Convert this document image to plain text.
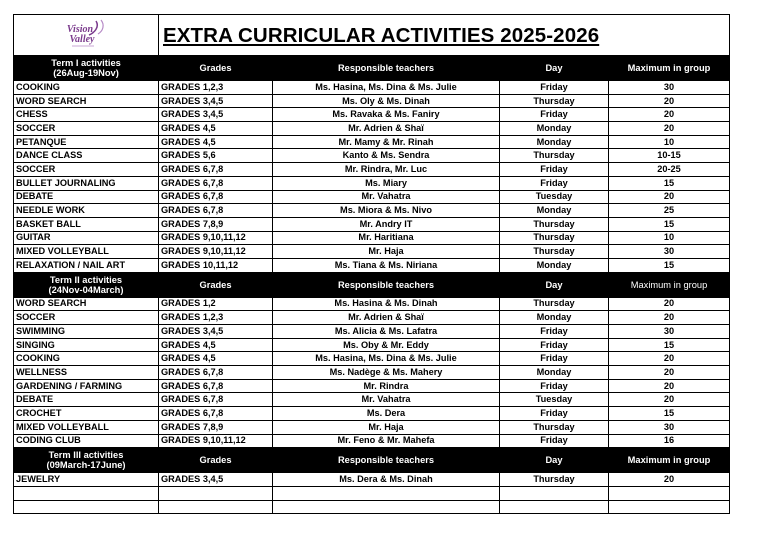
Vision
Valley	EXTRA CURRICULAR ACTIVITIES 2025-2026			

Term I activities
(26Aug-19Nov)	Grades	Responsible teachers	Day	Maximum in group
COOKING	GRADES 1,2,3	Ms. Hasina, Ms. Dina & Ms. Julie	Friday	30
WORD SEARCH	GRADES 3,4,5	Ms. Oly & Ms. Dinah	Thursday	20
CHESS	GRADES 3,4,5	Ms. Ravaka & Ms. Faniry	Friday	20
SOCCER	GRADES 4,5	Mr. Adrien & Shaï	Monday	20
PETANQUE	GRADES 4,5	Mr. Mamy & Mr. Rinah	Monday	10
DANCE CLASS	GRADES 5,6	Kanto & Ms. Sendra	Thursday	10-15
SOCCER	GRADES 6,7,8	Mr. Rindra, Mr. Luc	Friday	20-25
BULLET JOURNALING	GRADES 6,7,8	Ms. Miary	Friday	15
DEBATE	GRADES 6,7,8	Mr. Vahatra	Tuesday	20
NEEDLE WORK	GRADES 6,7,8	Ms. Miora & Ms. Nivo	Monday	25
BASKET BALL	GRADES 7,8,9	Mr. Andry IT	Thursday	15
GUITAR	GRADES 9,10,11,12	Mr. Haritiana	Thursday	10
MIXED VOLLEYBALL	GRADES 9,10,11,12	Mr. Haja	Thursday	30
RELAXATION / NAIL ART	GRADES 10,11,12	Ms. Tiana & Ms. Niriana	Monday	15

Term II activities
(24Nov-04March)	Grades	Responsible teachers	Day	Maximum in group
WORD SEARCH	GRADES 1,2	Ms. Hasina & Ms. Dinah	Thursday	20
SOCCER	GRADES 1,2,3	Mr. Adrien & Shaï	Monday	20
SWIMMING	GRADES 3,4,5	Ms. Alicia & Ms. Lafatra	Friday	30
SINGING	GRADES 4,5	Ms. Oby & Mr. Eddy	Friday	15
COOKING	GRADES 4,5	Ms. Hasina, Ms. Dina & Ms. Julie	Friday	20
WELLNESS	GRADES 6,7,8	Ms. Nadège & Ms. Mahery	Monday	20
GARDENING / FARMING	GRADES 6,7,8	Mr. Rindra	Friday	20
DEBATE	GRADES 6,7,8	Mr. Vahatra	Tuesday	20
CROCHET	GRADES 6,7,8	Ms. Dera	Friday	15
MIXED VOLLEYBALL	GRADES 7,8,9	Mr. Haja	Thursday	30
CODING CLUB	GRADES 9,10,11,12	Mr. Feno & Mr. Mahefa	Friday	16

Term III activities
(09March-17June)	Grades	Responsible teachers	Day	Maximum in group
JEWELRY	GRADES 3,4,5	Ms. Dera & Ms. Dinah	Thursday	20
